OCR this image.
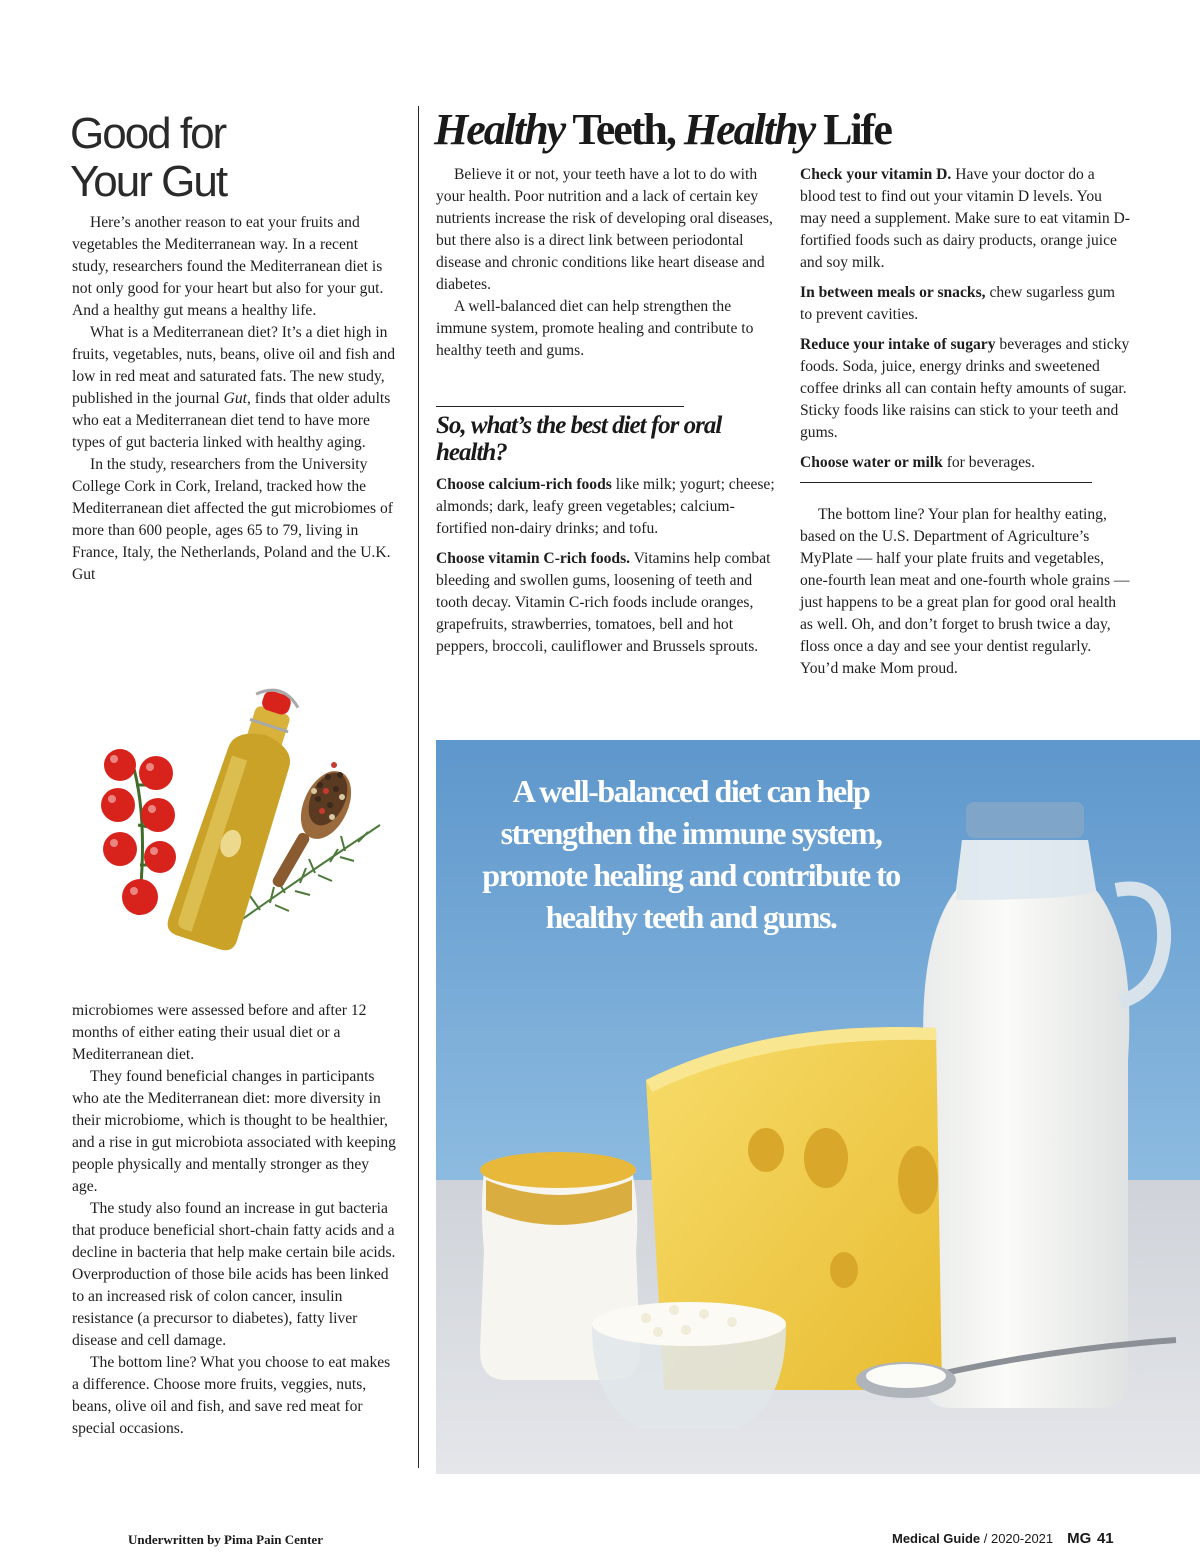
Good for
Your Gut

Here’s another reason to eat your fruits and vegetables the Mediterranean way. In a recent study, researchers found the Mediterranean diet is not only good for your heart but also for your gut. And a healthy gut means a healthy life.

What is a Mediterranean diet? It’s a diet high in fruits, vegetables, nuts, beans, olive oil and fish and low in red meat and saturated fats. The new study, published in the journal Gut, finds that older adults who eat a Mediterranean diet tend to have more types of gut bacteria linked with healthy aging.

In the study, researchers from the University College Cork in Cork, Ireland, tracked how the Mediterranean diet affected the gut microbiomes of more than 600 people, ages 65 to 79, living in France, Italy, the Netherlands, Poland and the U.K. Gut

microbiomes were assessed before and after 12 months of either eating their usual diet or a Mediterranean diet.

They found beneficial changes in participants who ate the Mediterranean diet: more diversity in their microbiome, which is thought to be healthier, and a rise in gut microbiota associated with keeping people physically and mentally stronger as they age.

The study also found an increase in gut bacteria that produce beneficial short-chain fatty acids and a decline in bacteria that help make certain bile acids. Overproduction of those bile acids has been linked to an increased risk of colon cancer, insulin resistance (a precursor to diabetes), fatty liver disease and cell damage.

The bottom line? What you choose to eat makes a difference. Choose more fruits, veggies, nuts, beans, olive oil and fish, and save red meat for special occasions.

Healthy Teeth, Healthy Life

Believe it or not, your teeth have a lot to do with your health. Poor nutrition and a lack of certain key nutrients increase the risk of developing oral diseases, but there also is a direct link between periodontal disease and chronic conditions like heart disease and diabetes.

A well-balanced diet can help strengthen the immune system, promote healing and contribute to healthy teeth and gums.

So, what’s the best diet for oral health?

Choose calcium-rich foods like milk; yogurt; cheese; almonds; dark, leafy green vegetables; calcium-fortified non-dairy drinks; and tofu.

Choose vitamin C-rich foods. Vitamins help combat bleeding and swollen gums, loosening of teeth and tooth decay. Vitamin C-rich foods include oranges, grapefruits, strawberries, tomatoes, bell and hot peppers, broccoli, cauliflower and Brussels sprouts.

Check your vitamin D. Have your doctor do a blood test to find out your vitamin D levels. You may need a supplement. Make sure to eat vitamin D-fortified foods such as dairy products, orange juice and soy milk.

In between meals or snacks, chew sugarless gum to prevent cavities.

Reduce your intake of sugary beverages and sticky foods. Soda, juice, energy drinks and sweetened coffee drinks all can contain hefty amounts of sugar. Sticky foods like raisins can stick to your teeth and gums.

Choose water or milk for beverages.

The bottom line? Your plan for healthy eating, based on the U.S. Department of Agriculture’s MyPlate — half your plate fruits and vegetables, one-fourth lean meat and one-fourth whole grains — just happens to be a great plan for good oral health as well. Oh, and don’t forget to brush twice a day, floss once a day and see your dentist regularly. You’d make Mom proud.

A well-balanced diet can help strengthen the immune system, promote healing and contribute to healthy teeth and gums.
Underwritten by Pima Pain Center	Medical Guide / 2020-2021 MG 41
